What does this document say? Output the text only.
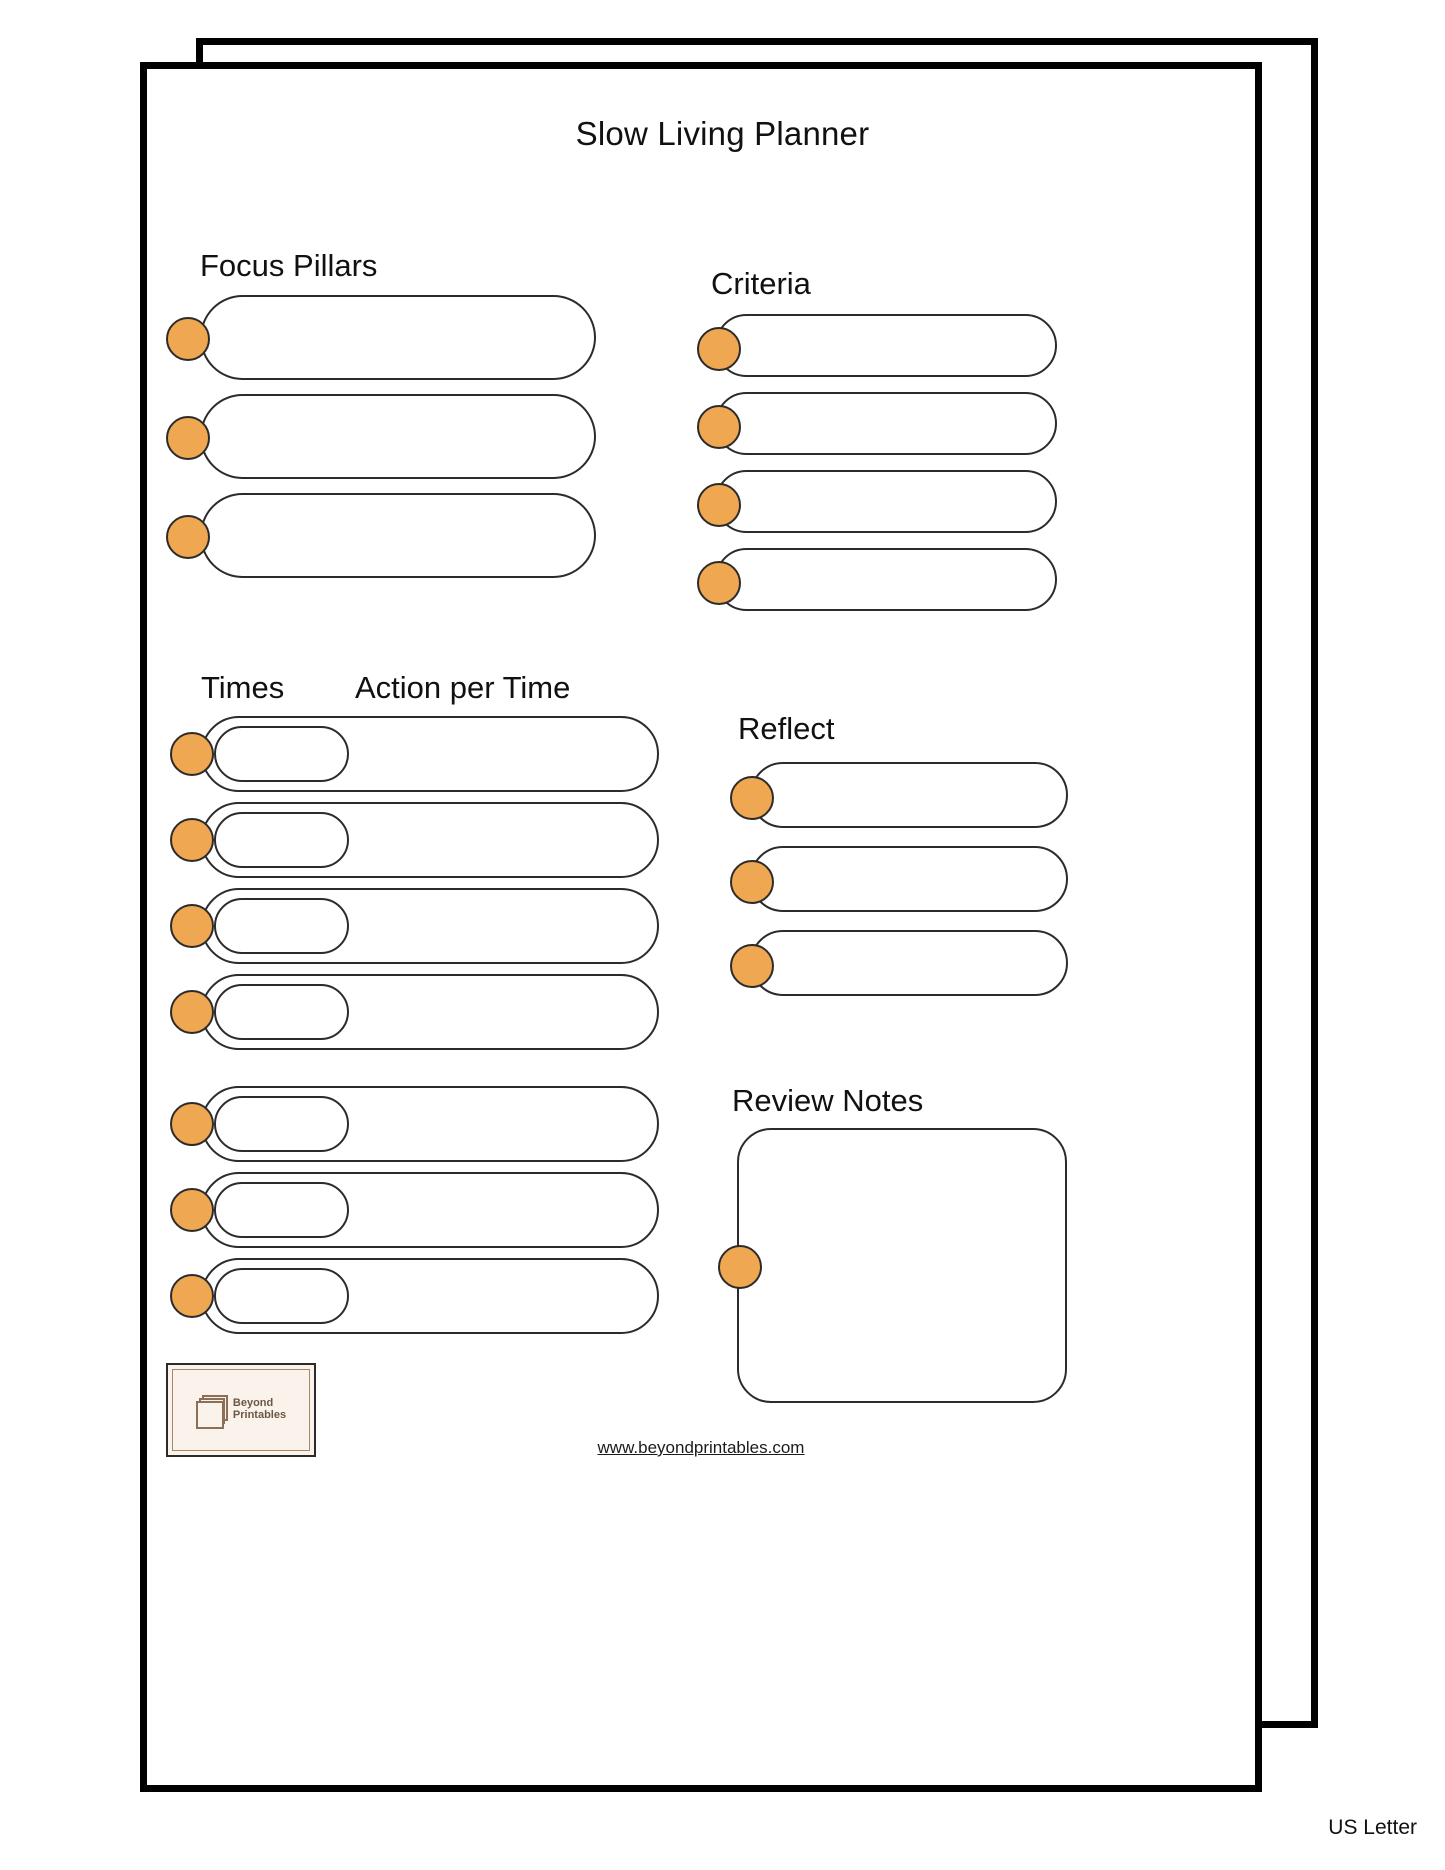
Slow Living Planner
Focus Pillars
Criteria
Times Action per Time
Reflect
Review Notes
Beyond
Printables
www.beyondprintables.com
US Letter
